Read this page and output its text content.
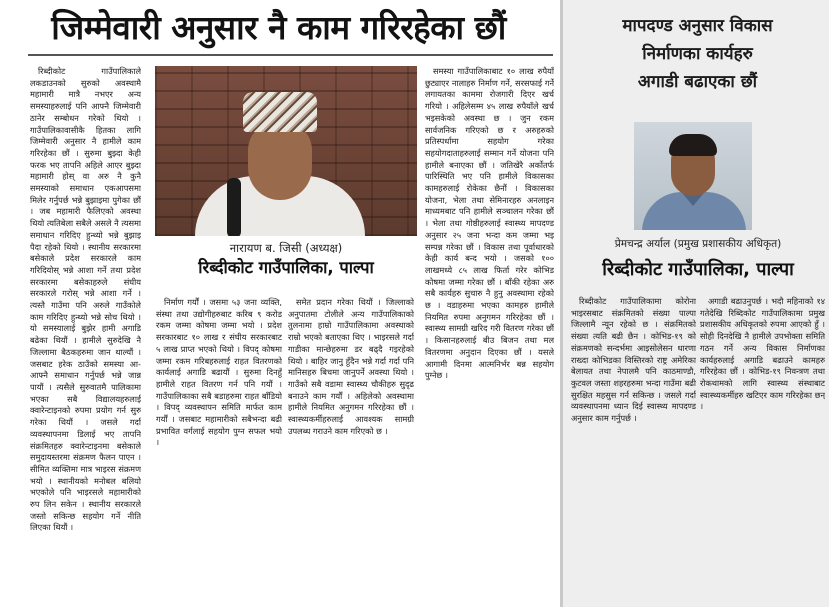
जिम्मेवारी अनुसार नै काम गरिरहेका छौं

रिब्दीकोट गाउँपालिकाले लकडाउनको सुरुको अवस्थामै महामारी मात्रै नभएर अन्य समस्याहरुलाई पनि आफ्नै जिम्मेवारी ठानेर सम्बोधन गरेको थियो । गाउँपालिकावासीकै हितका लागि जिम्मेवारी अनुसार नै हामीले काम गरिरहेका छौं । सुरुमा बुझ्दा केही फरक भए तापनि अहिले आएर बुझ्दा महामारी होस् वा अरु नै कुनै समस्याको समाधान एकआपसमा मिलेर गर्नुपर्छ भन्ने बुझाइमा पुगेका छौं । जब महामारी फैलिएको अवस्था थियो त्यतिबेला सबैले असले नै त्यसमा समाधान गरिदिए हुन्थ्यो भन्ने बुझाइ पैदा रहेको थियो । स्थानीय सरकारमा बसेकाले प्रदेश सरकारले काम गरिदियोस् भन्ने आशा गर्ने तथा प्रदेश सरकारमा बसेकाहरुले संघीय सरकारले गरोस् भन्ने आशा गर्ने । त्यस्तै गाउँमा पनि अरुले गाउँकोले काम गरिदिए हुन्थ्यो भन्ने सोच थियो । यो समस्यालाई बुझेर हामी अगाडि बढेका थियौं । हामीले सुरुदेखि नै जिल्लामा बैठकहरुमा जान थाल्यौं । जसबाट हरेक ठाउँको समस्या आ-आफ्नै समाधान गर्नुपर्छ भन्ने जान्न पायौं । त्यसैले सुरुवातमै पालिकामा भएका सबै विद्यालयहरुलाई क्वारेन्टाइनको रुपमा प्रयोग गर्न सुरु गरेका थियौं । जसले गर्दा व्यवस्थापनमा डिलाई भए तापनि संक्रमितहरु क्वारेन्टाइनमा बसेकाले समुदायस्तरमा संक्रमण फैलन पाएन । सीमित व्यक्तिमा मात्र भाइरस संक्रमण भयो । स्थानीयको मनोबल बलियो भएकोले पनि भाइरसले महामारीको रुप लिन सकेन । स्थानीय सरकारले जस्तो सकिन्छ सहयोग गर्ने नीति लिएका थियौं ।

नारायण ब. जिसी (अध्यक्ष)
रिब्दीकोट गाउँपालिका, पाल्पा

निर्माण गर्यौं । जसमा ५३ जना व्यक्ति, संस्था तथा उद्योगीहरुबाट करिब ९ करोड रकम जम्मा कोषमा जम्मा भयो । प्रदेश सरकारबाट १० लाख र संघीय सरकारबाट ५ लाख प्राप्त भएको थियो । विपद् कोषमा जम्मा रकम गरिबहरुलाई राहत वितरणको कार्यलाई अगाडि बढायौं । सुरुमा दिनहुँ हामीले राहत वितरण गर्न पनि गयौं । गाउँपालिकाका सबै बडाहरुमा राहत बाँडियो । विपद् व्यवस्थापन समिति मार्फत काम गर्यौं । जसबाट महामारीको सबैभन्दा बढी प्रभावित वर्गलाई सहयोग पुग्न सफल भयो ।

समेत प्रदान गरेका थियौं । जिल्लाको अनुपातमा टोलीले अन्य गाउँपालिकाको तुलनामा हाम्रो गाउँपालिकामा अवस्थाको राम्रो भएको बताएका थिए । भाइरसले गर्दा गाडीका मान्छेहरुमा डर बढ्दै गइरहेको थियो । बाहिर जानु हुँदैन भन्ने गर्दा गर्दा पनि मानिसहरु बिचमा जानुपर्ने अवस्था थियो । गाउँको सबै वडामा स्वास्थ्य चौकीहरु सुदृढ बनाउने काम गर्यौं । अहिलेको अवस्थामा हामीले नियमित अनुगमन गरिरहेका छौं । स्वास्थ्यकर्मीहरुलाई आवश्यक सामग्री उपलब्ध गराउने काम गरिएको छ ।

समस्या गाउँपालिकाबाट १० लाख रुपैयाँ छुट्याएर नालाहरु निर्माण गर्ने, सरसफाई गर्ने लगायतका काममा रोजगारी दिएर खर्च गरियो । अहिलेसम्म ४५ लाख रुपैयाँले खर्च भइसकेको अवस्था छ । जुन रकम सार्वजनिक गरिएको छ र अरुहरुको प्रतिस्पर्धामा सहयोग गरेका सहयोगदाताहरुलाई सम्मान गर्ने योजना पनि हामीले बनाएका छौं । जतिखेरै अर्कोतर्फ पारिस्थिति भए पनि हामीले विकासका कामहरुलाई रोकेका छैनौं । विकासका योजना, भेला तथा सेमिनारहरु अनलाइन माध्यमबाट पनि हामीले सञ्चालन गरेका छौं । भेला तथा गोष्ठीहरुलाई स्वास्थ्य मापदण्ड अनुसार २५ जना भन्दा कम जम्मा भइ सम्पन्न गरेका छौं । विकास तथा पूर्वाधारको केही कार्य बन्द भयो । जसको १०० लाखमध्ये ८५ लाख फिर्ता गरेर कोभिड कोषमा जम्मा गरेका छौं । बाँकी रहेका अरु सबै कार्यहरु सुचारु नै हुनु अवस्थामा रहेको छ । वडाहरुमा भएका कामहरु हामीले नियमित रुपमा अनुगमन गरिरहेका छौं । स्वास्थ्य सामग्री खरिद गरी वितरण गरेका छौं । किसानहरुलाई बीउ बिजन तथा मल वितरणमा अनुदान दिएका छौं । यसले आगामी दिनमा आत्मनिर्भर बन्न सहयोग पुग्नेछ ।

मापदण्ड अनुसार विकास
निर्माणका कार्यहरु
अगाडी बढाएका छौं
प्रेमचन्द्र अर्याल (प्रमुख प्रशासकीय अधिकृत)
रिब्दीकोट गाउँपालिका, पाल्पा

रिब्दीकोट गाउँपालिकामा कोरोना भाइरसबाट संक्रमितको संख्या पाल्पा जिल्लामै न्यून रहेको छ । संक्रमितको संख्या त्यति बढी छैन । कोभिड-१९ को संक्रमणको सन्दर्भमा आइसोलेसन धारणा राख्दा कोभिडका विस्तिरको राष्ट्र अमेरिका बेलायत तथा नेपालमै पनि काठमाण्डौ, कुटवल जस्ता शहरहरुमा भन्दा गाउँमा बढी सुरक्षित महसुस गर्न सकिन्छ । जसले गर्दा व्यवस्थापनमा ध्यान दिई स्वास्थ्य मापदण्ड अनुसार काम गर्नुपर्छ ।

अगाडी बढाउनुपर्छ । भदौ महिनाको १४ गतेदेखि रिब्दिकोट गाउँपालिकामा प्रमुख प्रशासकीय अधिकृतको रुपमा आएको हुँ । सोही दिनदेखि नै हामीले उपभोक्ता समिति गठन गर्ने अन्य विकास निर्माणका कार्यहरुलाई अगाडि बढाउने कामहरु गरिरहेका छौं । कोभिड-१९ निवन्त्रण तथा रोकथामको लागि स्वास्थ्य संस्थाबाट स्वास्थ्यकर्मीहरु खटिएर काम गरिरहेका छन् ।
